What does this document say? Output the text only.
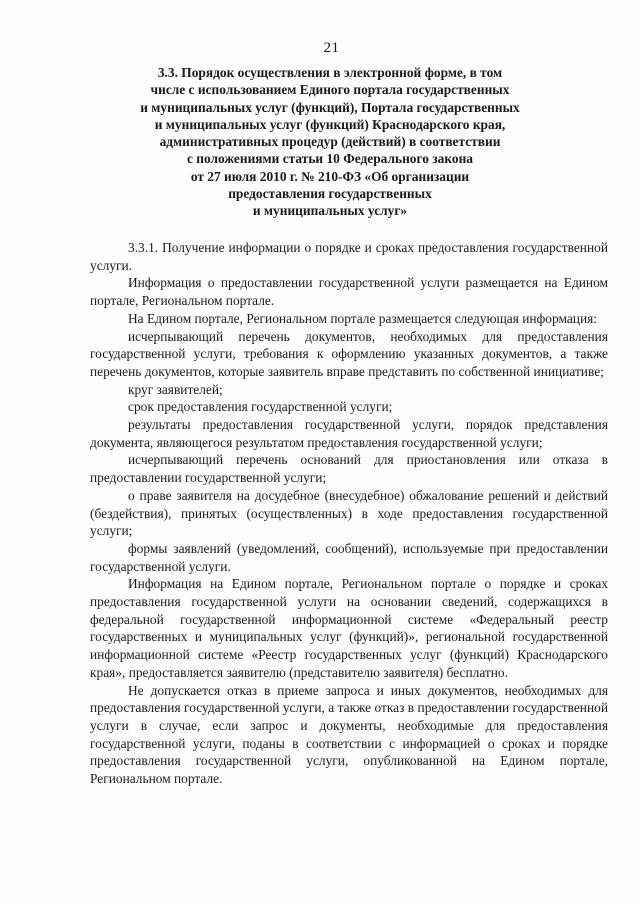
21
3.3. Порядок осуществления в электронной форме, в том
числе с использованием Единого портала государственных
и муниципальных услуг (функций), Портала государственных
и муниципальных услуг (функций) Краснодарского края,
административных процедур (действий) в соответствии
с положениями статьи 10 Федерального закона
от 27 июля 2010 г. № 210-ФЗ «Об организации
предоставления государственных
и муниципальных услуг»

3.3.1. Получение информации о порядке и сроках предоставления государственной услуги.

Информация о предоставлении государственной услуги размещается на Едином портале, Региональном портале.

На Едином портале, Региональном портале размещается следующая информация:

исчерпывающий перечень документов, необходимых для предоставления государственной услуги, требования к оформлению указанных документов, а также перечень документов, которые заявитель вправе представить по собственной инициативе;

круг заявителей;

срок предоставления государственной услуги;

результаты предоставления государственной услуги, порядок представления документа, являющегося результатом предоставления государственной услуги;

исчерпывающий перечень оснований для приостановления или отказа в предоставлении государственной услуги;

о праве заявителя на досудебное (внесудебное) обжалование решений и действий (бездействия), принятых (осуществленных) в ходе предоставления государственной услуги;

формы заявлений (уведомлений, сообщений), используемые при предоставлении государственной услуги.

Информация на Едином портале, Региональном портале о порядке и сроках предоставления государственной услуги на основании сведений, содержащихся в федеральной государственной информационной системе «Федеральный реестр государственных и муниципальных услуг (функций)», региональной государственной информационной системе «Реестр государственных услуг (функций) Краснодарского края», предоставляется заявителю (представителю заявителя) бесплатно.

Не допускается отказ в приеме запроса и иных документов, необходимых для предоставления государственной услуги, а также отказ в предоставлении государственной услуги в случае, если запрос и документы, необходимые для предоставления государственной услуги, поданы в соответствии с информацией о сроках и порядке предоставления государственной услуги, опубликованной на Едином портале, Региональном портале.
